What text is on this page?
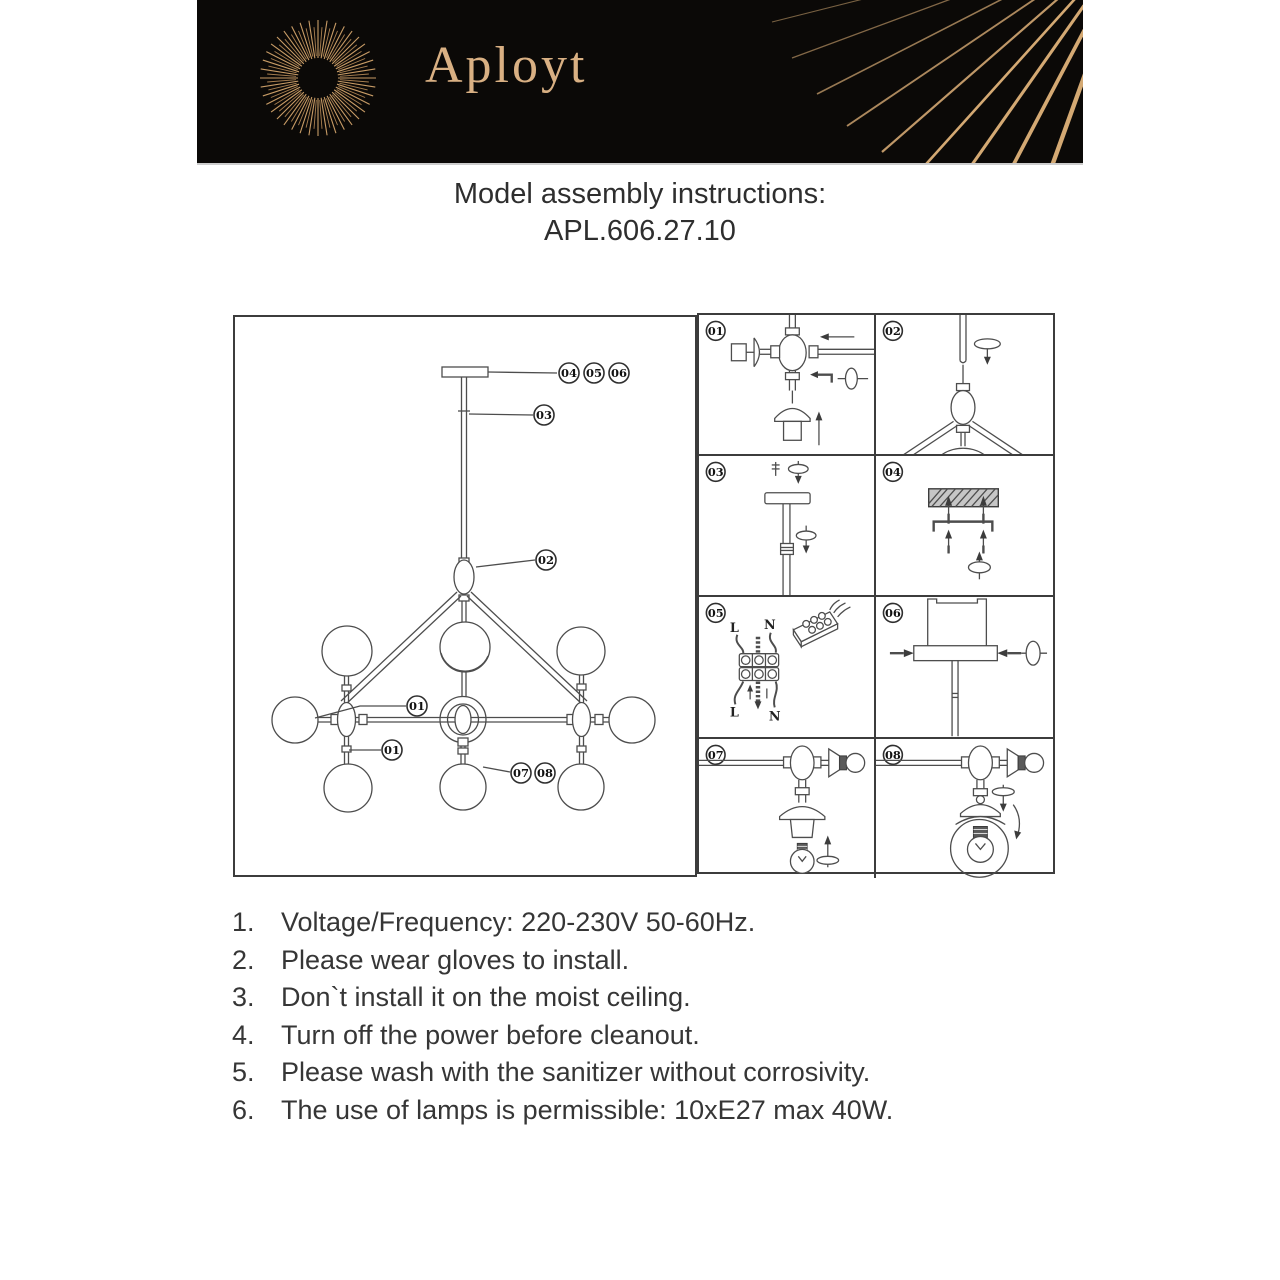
Aployt
Model assembly instructions:
APL.606.27.10
04 05 06
03
02
01
01
07 08
01	02
03	04
05
L N
L N
06
07	08
1. Voltage/Frequency: 220-230V 50-60Hz.
2. Please wear gloves to install.
3. Don`t install it on the moist ceiling.
4. Turn off the power before cleanout.
5. Please wash with the sanitizer without corrosivity.
6. The use of lamps is permissible: 10xE27 max 40W.
